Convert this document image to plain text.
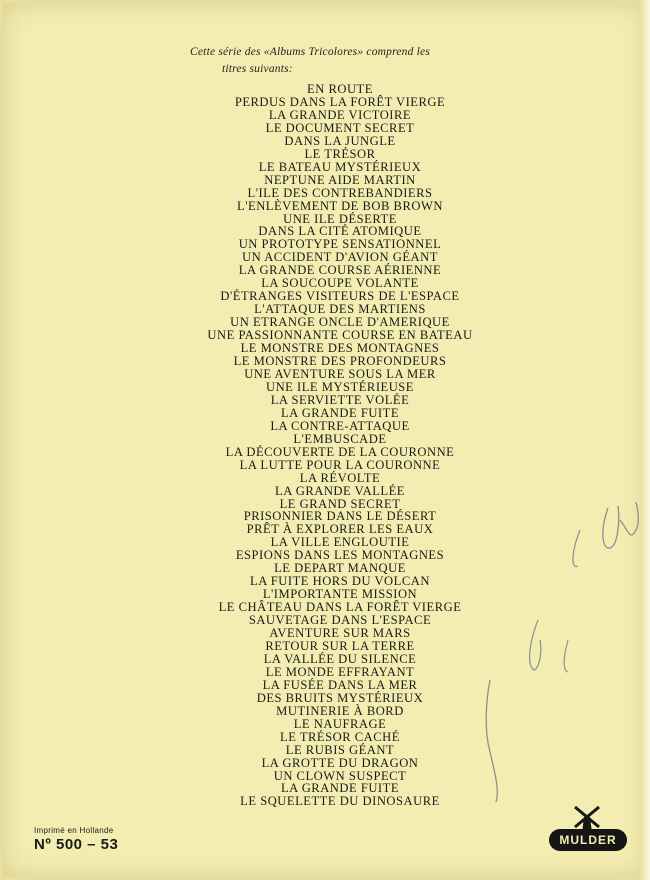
Cette série des «Albums Tricolores» comprend les
titres suivants:
EN ROUTE
PERDUS DANS LA FORÊT VIERGE
LA GRANDE VICTOIRE
LE DOCUMENT SECRET
DANS LA JUNGLE
LE TRÉSOR
LE BATEAU MYSTÉRIEUX
NEPTUNE AIDE MARTIN
L'ILE DES CONTREBANDIERS
L'ENLÈVEMENT DE BOB BROWN
UNE ILE DÉSERTE
DANS LA CITÉ ATOMIQUE
UN PROTOTYPE SENSATIONNEL
UN ACCIDENT D'AVION GÉANT
LA GRANDE COURSE AÉRIENNE
LA SOUCOUPE VOLANTE
D'ÉTRANGES VISITEURS DE L'ESPACE
L'ATTAQUE DES MARTIENS
UN ETRANGE ONCLE D'AMERIQUE
UNE PASSIONNANTE COURSE EN BATEAU
LE MONSTRE DES MONTAGNES
LE MONSTRE DES PROFONDEURS
UNE AVENTURE SOUS LA MER
UNE ILE MYSTÉRIEUSE
LA SERVIETTE VOLÉE
LA GRANDE FUITE
LA CONTRE-ATTAQUE
L'EMBUSCADE
LA DÉCOUVERTE DE LA COURONNE
LA LUTTE POUR LA COURONNE
LA RÉVOLTE
LA GRANDE VALLÉE
LE GRAND SECRET
PRISONNIER DANS LE DÉSERT
PRÊT À EXPLORER LES EAUX
LA VILLE ENGLOUTIE
ESPIONS DANS LES MONTAGNES
LE DEPART MANQUE
LA FUITE HORS DU VOLCAN
L'IMPORTANTE MISSION
LE CHÂTEAU DANS LA FORÊT VIERGE
SAUVETAGE DANS L'ESPACE
AVENTURE SUR MARS
RETOUR SUR LA TERRE
LA VALLÉE DU SILENCE
LE MONDE EFFRAYANT
LA FUSÉE DANS LA MER
DES BRUITS MYSTÉRIEUX
MUTINERIE À BORD
LE NAUFRAGE
LE TRÉSOR CACHÉ
LE RUBIS GÉANT
LA GROTTE DU DRAGON
UN CLOWN SUSPECT
LA GRANDE FUITE
LE SQUELETTE DU DINOSAURE
Imprimé en Hollande
Nº 500 – 53	MULDER
